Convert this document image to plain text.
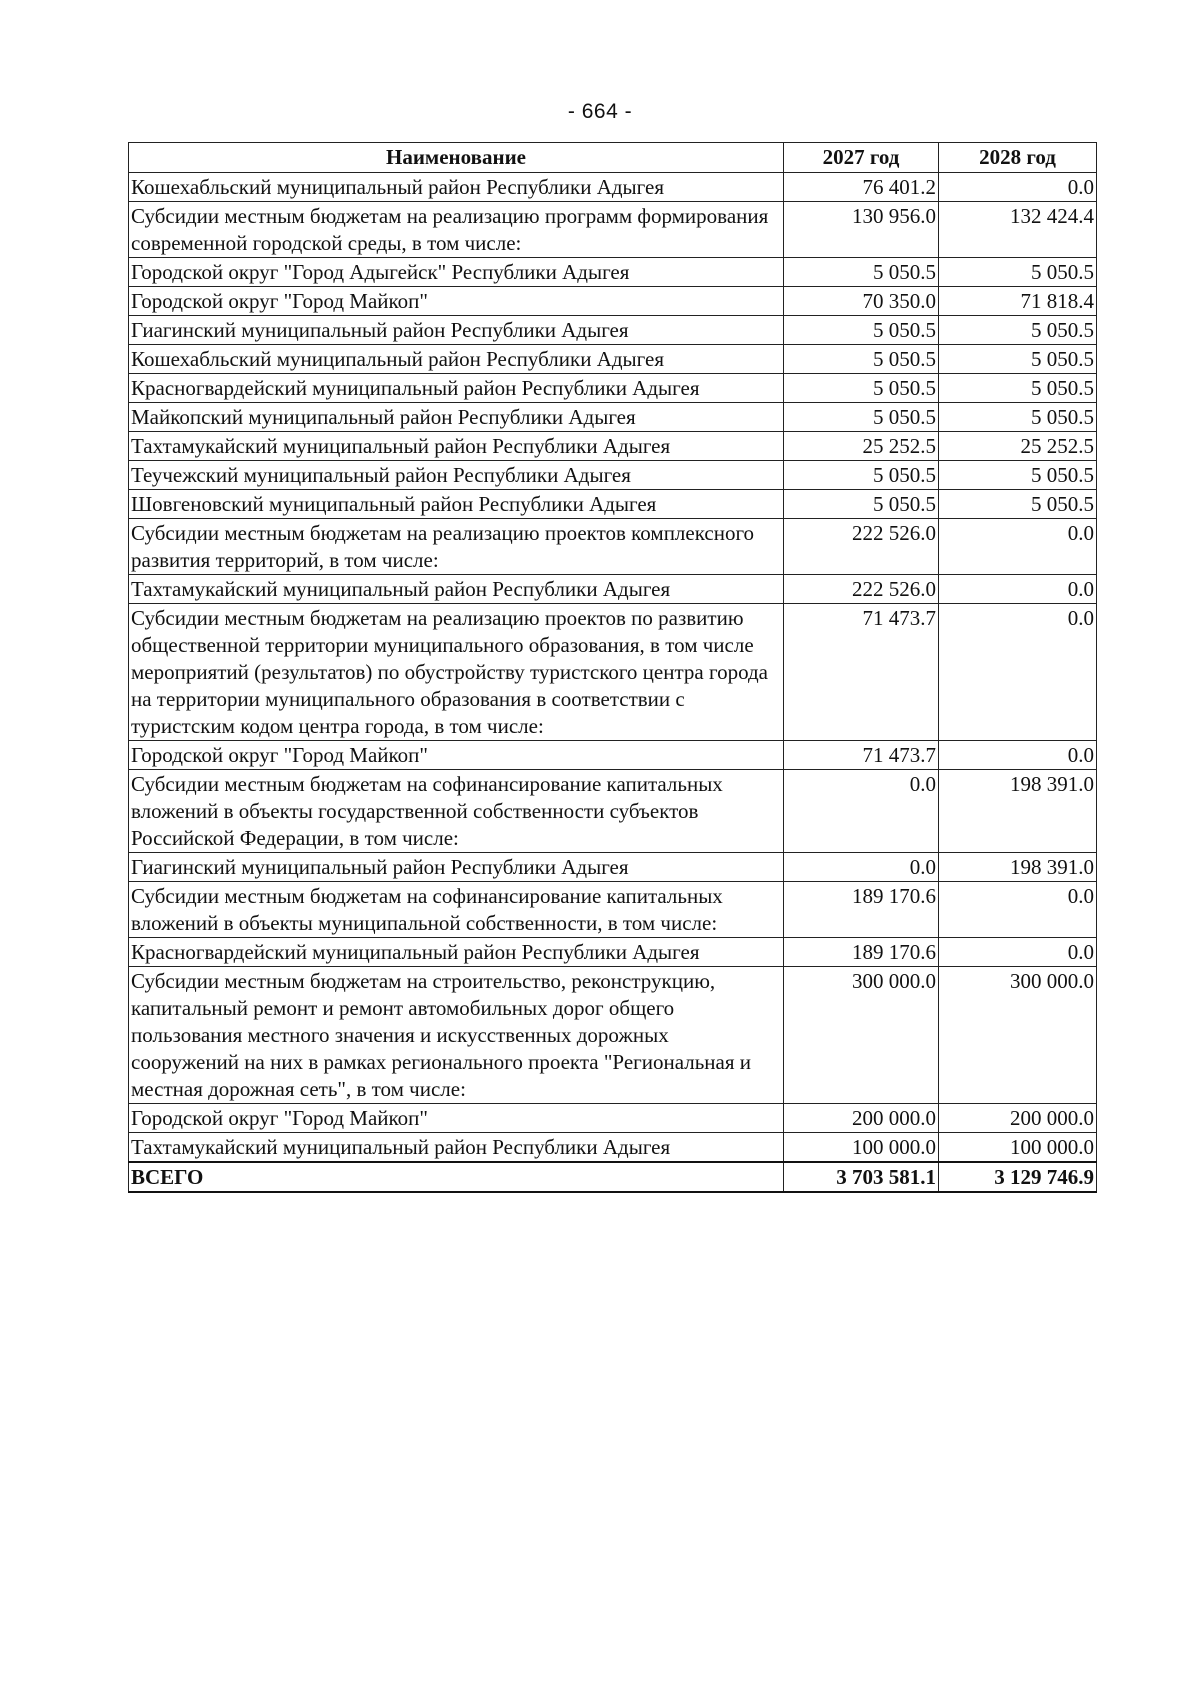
- 664 -
Наименование	2027 год	2028 год
Кошехабльский муниципальный район Республики Адыгея	76 401.2	0.0
Субсидии местным бюджетам на реализацию программ формирования современной городской среды, в том числе:	130 956.0	132 424.4
Городской округ "Город Адыгейск" Республики Адыгея	5 050.5	5 050.5
Городской округ "Город Майкоп"	70 350.0	71 818.4
Гиагинский муниципальный район Республики Адыгея	5 050.5	5 050.5
Кошехабльский муниципальный район Республики Адыгея	5 050.5	5 050.5
Красногвардейский муниципальный район Республики Адыгея	5 050.5	5 050.5
Майкопский муниципальный район Республики Адыгея	5 050.5	5 050.5
Тахтамукайский муниципальный район Республики Адыгея	25 252.5	25 252.5
Теучежский муниципальный район Республики Адыгея	5 050.5	5 050.5
Шовгеновский муниципальный район Республики Адыгея	5 050.5	5 050.5
Субсидии местным бюджетам на реализацию проектов комплексного развития территорий, в том числе:	222 526.0	0.0
Тахтамукайский муниципальный район Республики Адыгея	222 526.0	0.0
Субсидии местным бюджетам на реализацию проектов по развитию общественной территории муниципального образования, в том числе мероприятий (результатов) по обустройству туристского центра города на территории муниципального образования в соответствии с туристским кодом центра города, в том числе:	71 473.7	0.0
Городской округ "Город Майкоп"	71 473.7	0.0
Субсидии местным бюджетам на софинансирование капитальных вложений в объекты государственной собственности субъектов Российской Федерации, в том числе:	0.0	198 391.0
Гиагинский муниципальный район Республики Адыгея	0.0	198 391.0
Субсидии местным бюджетам на софинансирование капитальных вложений в объекты муниципальной собственности, в том числе:	189 170.6	0.0
Красногвардейский муниципальный район Республики Адыгея	189 170.6	0.0
Субсидии местным бюджетам на строительство, реконструкцию, капитальный ремонт и ремонт автомобильных дорог общего пользования местного значения и искусственных дорожных сооружений на них в рамках регионального проекта "Региональная и местная дорожная сеть", в том числе:	300 000.0	300 000.0
Городской округ "Город Майкоп"	200 000.0	200 000.0
Тахтамукайский муниципальный район Республики Адыгея	100 000.0	100 000.0
ВСЕГО	3 703 581.1	3 129 746.9
